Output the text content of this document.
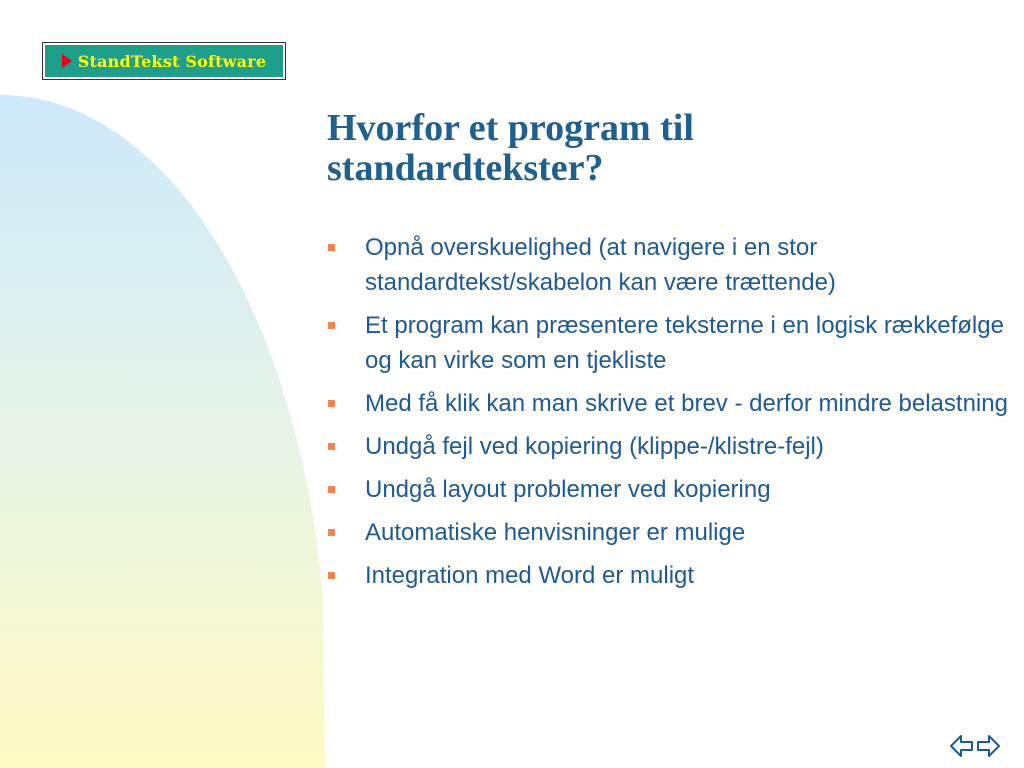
StandTekst Software
Hvorfor et program til standardtekster?
Opnå overskuelighed (at navigere i en stor standardtekst/skabelon kan være trættende)
Et program kan præsentere teksterne i en logisk rækkefølge og kan virke som en tjekliste
Med få klik kan man skrive et brev - derfor mindre belastning
Undgå fejl ved kopiering (klippe-/klistre-fejl)
Undgå layout problemer ved kopiering
Automatiske henvisninger er mulige
Integration med Word er muligt
